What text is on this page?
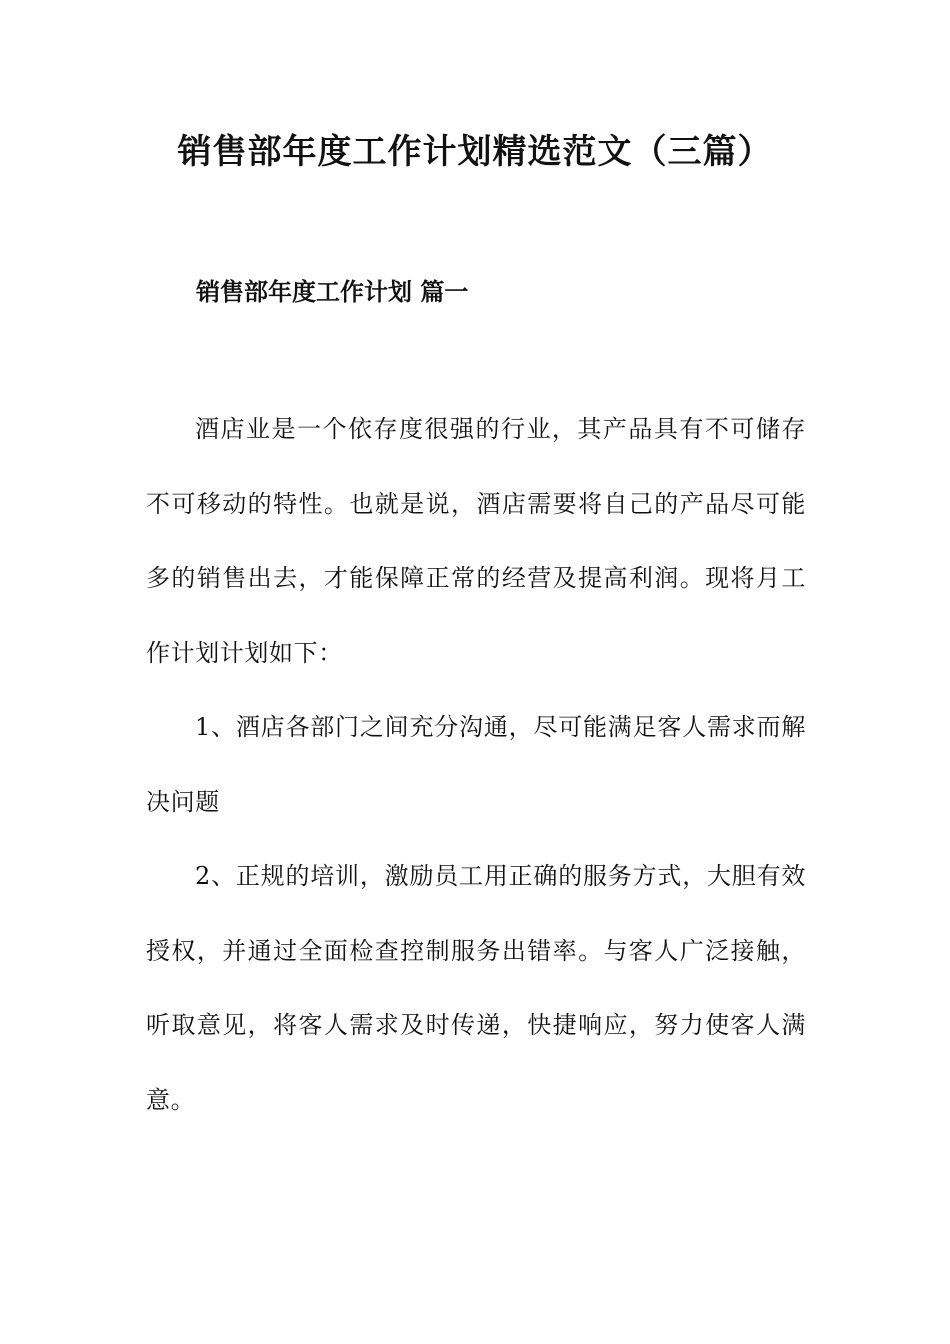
销售部年度工作计划精选范文（三篇）
销售部年度工作计划 篇一

酒店业是一个依存度很强的行业，其产品具有不可储存不可移动的特性。也就是说，酒店需要将自己的产品尽可能多的销售出去，才能保障正常的经营及提高利润。现将月工作计划计划如下：

1、酒店各部门之间充分沟通，尽可能满足客人需求而解决问题

2、正规的培训，激励员工用正确的服务方式，大胆有效授权，并通过全面检查控制服务出错率。与客人广泛接触，听取意见，将客人需求及时传递，快捷响应，努力使客人满意。
